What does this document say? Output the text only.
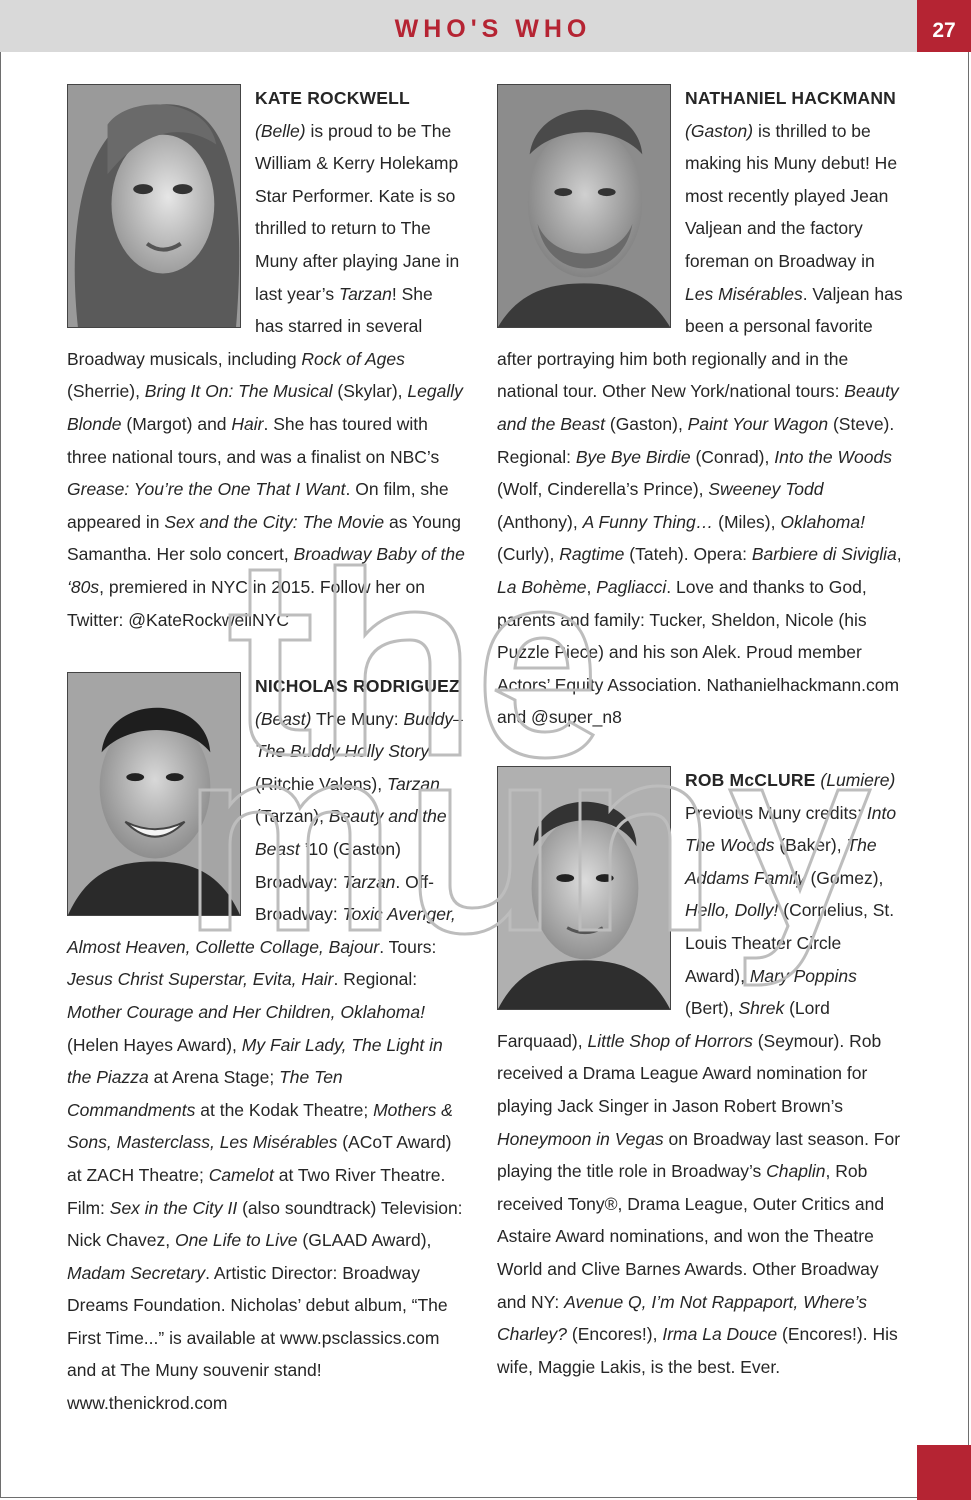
WHO'S WHO	27
KATE ROCKWELL (Belle) is proud to be The William & Kerry Holekamp Star Performer. Kate is so thrilled to return to The Muny after playing Jane in last year’s Tarzan! She has starred in several Broadway musicals, including Rock of Ages (Sherrie), Bring It On: The Musical (Skylar), Legally Blonde (Margot) and Hair. She has toured with three national tours, and was a finalist on NBC’s Grease: You’re the One That I Want. On film, she appeared in Sex and the City: The Movie as Young Samantha. Her solo concert, Broadway Baby of the ‘80s, premiered in NYC in 2015. Follow her on Twitter: @KateRockwellNYC
NICHOLAS RODRIGUEZ (Beast) The Muny: Buddy–The Buddy Holly Story (Ritchie Valens), Tarzan (Tarzan), Beauty and the Beast ’10 (Gaston) Broadway: Tarzan. Off-Broadway: Toxic Avenger, Almost Heaven, Collette Collage, Bajour. Tours: Jesus Christ Superstar, Evita, Hair. Regional: Mother Courage and Her Children, Oklahoma! (Helen Hayes Award), My Fair Lady, The Light in the Piazza at Arena Stage; The Ten Commandments at the Kodak Theatre; Mothers & Sons, Masterclass, Les Misérables (ACoT Award) at ZACH Theatre; Camelot at Two River Theatre. Film: Sex in the City II (also soundtrack) Television: Nick Chavez, One Life to Live (GLAAD Award), Madam Secretary. Artistic Director: Broadway Dreams Foundation. Nicholas’ debut album, “The First Time...” is available at www.psclassics.com and at The Muny souvenir stand! www.thenickrod.com
NATHANIEL HACKMANN (Gaston) is thrilled to be making his Muny debut! He most recently played Jean Valjean and the factory foreman on Broadway in Les Misérables. Valjean has been a personal favorite after portraying him both regionally and in the national tour. Other New York/national tours: Beauty and the Beast (Gaston), Paint Your Wagon (Steve). Regional: Bye Bye Birdie (Conrad), Into the Woods (Wolf, Cinderella’s Prince), Sweeney Todd (Anthony), A Funny Thing… (Miles), Oklahoma! (Curly), Ragtime (Tateh). Opera: Barbiere di Siviglia, La Bohème, Pagliacci. Love and thanks to God, parents and family: Tucker, Sheldon, Nicole (his Puzzle Piece) and his son Alek. Proud member Actors’ Equity Association. Nathanielhackmann.com and @super_n8
ROB McCLURE (Lumiere) Previous Muny credits: Into The Woods (Baker), The Addams Family (Gomez), Hello, Dolly! (Cornelius, St. Louis Theater Circle Award), Mary Poppins (Bert), Shrek (Lord Farquaad), Little Shop of Horrors (Seymour). Rob received a Drama League Award nomination for playing Jack Singer in Jason Robert Brown’s Honeymoon in Vegas on Broadway last season. For playing the title role in Broadway’s Chaplin, Rob received Tony®, Drama League, Outer Critics and Astaire Award nominations, and won the Theatre World and Clive Barnes Awards. Other Broadway and NY: Avenue Q, I’m Not Rappaport, Where’s Charley? (Encores!), Irma La Douce (Encores!). His wife, Maggie Lakis, is the best. Ever.
